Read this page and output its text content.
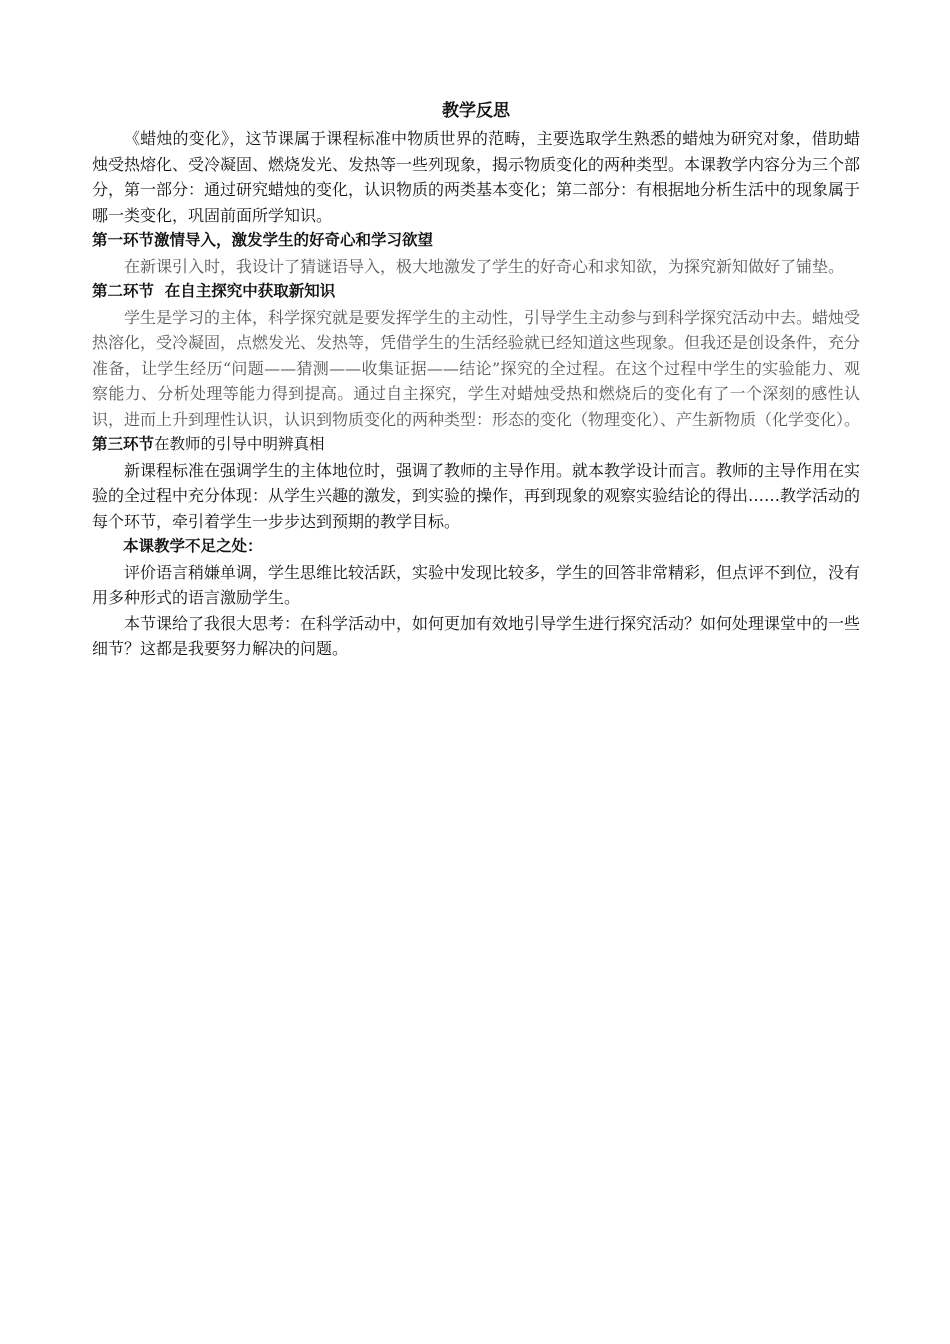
教学反思

《蜡烛的变化》，这节课属于课程标准中物质世界的范畴，主要选取学生熟悉的蜡烛为研究对象，借助蜡烛受热熔化、受冷凝固、燃烧发光、发热等一些列现象，揭示物质变化的两种类型。本课教学内容分为三个部分，第一部分：通过研究蜡烛的变化，认识物质的两类基本变化；第二部分：有根据地分析生活中的现象属于哪一类变化，巩固前面所学知识。

第一环节激情导入，激发学生的好奇心和学习欲望

在新课引入时，我设计了猜谜语导入，极大地激发了学生的好奇心和求知欲，为探究新知做好了铺垫。

第二环节  在自主探究中获取新知识

学生是学习的主体，科学探究就是要发挥学生的主动性，引导学生主动参与到科学探究活动中去。蜡烛受热溶化，受冷凝固，点燃发光、发热等，凭借学生的生活经验就已经知道这些现象。但我还是创设条件，充分准备，让学生经历“问题——猜测——收集证据——结论”探究的全过程。在这个过程中学生的实验能力、观察能力、分析处理等能力得到提高。通过自主探究，学生对蜡烛受热和燃烧后的变化有了一个深刻的感性认识，进而上升到理性认识，认识到物质变化的两种类型：形态的变化（物理变化）、产生新物质（化学变化）。

第三环节在教师的引导中明辨真相

新课程标准在强调学生的主体地位时，强调了教师的主导作用。就本教学设计而言。教师的主导作用在实验的全过程中充分体现：从学生兴趣的激发，到实验的操作，再到现象的观察实验结论的得出……教学活动的每个环节，牵引着学生一步步达到预期的教学目标。

本课教学不足之处：

评价语言稍嫌单调，学生思维比较活跃，实验中发现比较多，学生的回答非常精彩，但点评不到位，没有用多种形式的语言激励学生。

本节课给了我很大思考：在科学活动中，如何更加有效地引导学生进行探究活动？如何处理课堂中的一些细节？这都是我要努力解决的问题。
